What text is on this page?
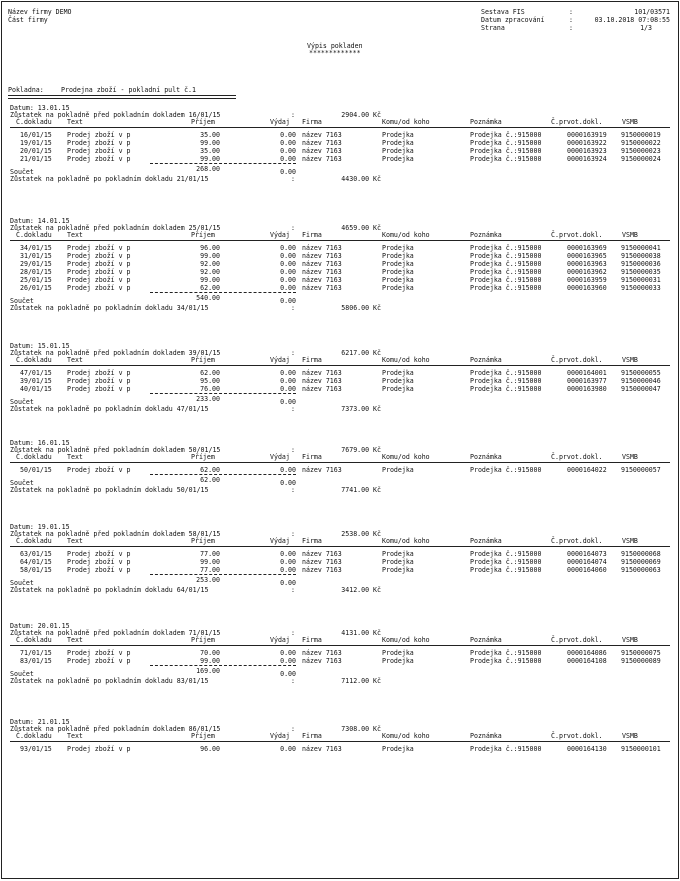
Název firmy DEMO
Část firmy
Sestava FIS	:	101/03571
Datum zpracování	:	03.10.2018 07:08:55
Strana	:	1/3
Výpis pokladen
*************
Pokladna:	Prodejna zboží - pokladní pult č.1
Datum: 13.01.15
Zůstatek na pokladně před pokladním dokladem 16/01/15	:	2904.00 Kč
Č.dokladu Text	Příjem	Výdaj Firma	Komu/od koho	Poznámka	Č.prvot.dokl.	VSMB
16/01/15 Prodej zboží v p	35.00	0.00 název 7163	Prodejka	Prodejka č.:915000	0000163919 9150000019
19/01/15 Prodej zboží v p	99.00	0.00 název 7163	Prodejka	Prodejka č.:915000	0000163922 9150000022
20/01/15 Prodej zboží v p	35.00	0.00 název 7163	Prodejka	Prodejka č.:915000	0000163923 9150000023
21/01/15 Prodej zboží v p	99.00	0.00 název 7163	Prodejka	Prodejka č.:915000	0000163924 9150000024
Součet	268.00	0.00
Zůstatek na pokladně po pokladním dokladu 21/01/15	:	4430.00 Kč
Datum: 14.01.15
Zůstatek na pokladně před pokladním dokladem 25/01/15	:	4659.00 Kč
Č.dokladu Text	Příjem	Výdaj Firma	Komu/od koho	Poznámka	Č.prvot.dokl.	VSMB
34/01/15 Prodej zboží v p	96.00	0.00 název 7163	Prodejka	Prodejka č.:915000	0000163969 9150000041
31/01/15 Prodej zboží v p	99.00	0.00 název 7163	Prodejka	Prodejka č.:915000	0000163965 9150000038
29/01/15 Prodej zboží v p	92.00	0.00 název 7163	Prodejka	Prodejka č.:915000	0000163963 9150000036
28/01/15 Prodej zboží v p	92.00	0.00 název 7163	Prodejka	Prodejka č.:915000	0000163962 9150000035
25/01/15 Prodej zboží v p	99.00	0.00 název 7163	Prodejka	Prodejka č.:915000	0000163959 9150000031
26/01/15 Prodej zboží v p	62.00	0.00 název 7163	Prodejka	Prodejka č.:915000	0000163960 9150000033
Součet	540.00	0.00
Zůstatek na pokladně po pokladním dokladu 34/01/15	:	5806.00 Kč
Datum: 15.01.15
Zůstatek na pokladně před pokladním dokladem 39/01/15	:	6217.00 Kč
Č.dokladu Text	Příjem	Výdaj Firma	Komu/od koho	Poznámka	Č.prvot.dokl.	VSMB
47/01/15 Prodej zboží v p	62.00	0.00 název 7163	Prodejka	Prodejka č.:915000	0000164001 9150000055
39/01/15 Prodej zboží v p	95.00	0.00 název 7163	Prodejka	Prodejka č.:915000	0000163977 9150000046
40/01/15 Prodej zboží v p	76.00	0.00 název 7163	Prodejka	Prodejka č.:915000	0000163980 9150000047
Součet	233.00	0.00
Zůstatek na pokladně po pokladním dokladu 47/01/15	:	7373.00 Kč
Datum: 16.01.15
Zůstatek na pokladně před pokladním dokladem 50/01/15	:	7679.00 Kč
Č.dokladu Text	Příjem	Výdaj Firma	Komu/od koho	Poznámka	Č.prvot.dokl.	VSMB
50/01/15 Prodej zboží v p	62.00	0.00 název 7163	Prodejka	Prodejka č.:915000	0000164022 9150000057
Součet	62.00	0.00
Zůstatek na pokladně po pokladním dokladu 50/01/15	:	7741.00 Kč
Datum: 19.01.15
Zůstatek na pokladně před pokladním dokladem 58/01/15	:	2538.00 Kč
Č.dokladu Text	Příjem	Výdaj Firma	Komu/od koho	Poznámka	Č.prvot.dokl.	VSMB
63/01/15 Prodej zboží v p	77.00	0.00 název 7163	Prodejka	Prodejka č.:915000	0000164073 9150000068
64/01/15 Prodej zboží v p	99.00	0.00 název 7163	Prodejka	Prodejka č.:915000	0000164074 9150000069
58/01/15 Prodej zboží v p	77.00	0.00 název 7163	Prodejka	Prodejka č.:915000	0000164060 9150000063
Součet	253.00	0.00
Zůstatek na pokladně po pokladním dokladu 64/01/15	:	3412.00 Kč
Datum: 20.01.15
Zůstatek na pokladně před pokladním dokladem 71/01/15	:	4131.00 Kč
Č.dokladu Text	Příjem	Výdaj Firma	Komu/od koho	Poznámka	Č.prvot.dokl.	VSMB
71/01/15 Prodej zboží v p	70.00	0.00 název 7163	Prodejka	Prodejka č.:915000	0000164086 9150000075
83/01/15 Prodej zboží v p	99.00	0.00 název 7163	Prodejka	Prodejka č.:915000	0000164108 9150000089
Součet	169.00	0.00
Zůstatek na pokladně po pokladním dokladu 83/01/15	:	7112.00 Kč
Datum: 21.01.15
Zůstatek na pokladně před pokladním dokladem 86/01/15	:	7308.00 Kč
Č.dokladu Text	Příjem	Výdaj Firma	Komu/od koho	Poznámka	Č.prvot.dokl.	VSMB
93/01/15 Prodej zboží v p	96.00	0.00 název 7163	Prodejka	Prodejka č.:915000	0000164130 9150000101
